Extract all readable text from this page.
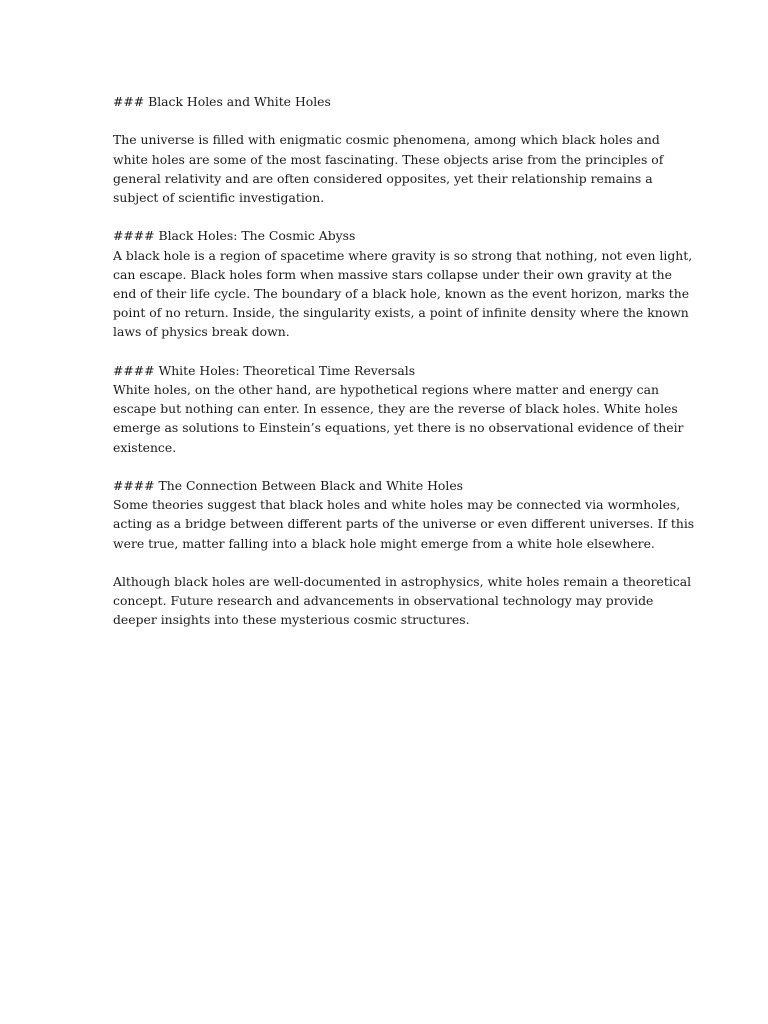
### Black Holes and White Holes
The universe is filled with enigmatic cosmic phenomena, among which black holes and
white holes are some of the most fascinating. These objects arise from the principles of
general relativity and are often considered opposites, yet their relationship remains a
subject of scientific investigation.
#### Black Holes: The Cosmic Abyss
A black hole is a region of spacetime where gravity is so strong that nothing, not even light,
can escape. Black holes form when massive stars collapse under their own gravity at the
end of their life cycle. The boundary of a black hole, known as the event horizon, marks the
point of no return. Inside, the singularity exists, a point of infinite density where the known
laws of physics break down.
#### White Holes: Theoretical Time Reversals
White holes, on the other hand, are hypothetical regions where matter and energy can
escape but nothing can enter. In essence, they are the reverse of black holes. White holes
emerge as solutions to Einstein’s equations, yet there is no observational evidence of their
existence.
#### The Connection Between Black and White Holes
Some theories suggest that black holes and white holes may be connected via wormholes,
acting as a bridge between different parts of the universe or even different universes. If this
were true, matter falling into a black hole might emerge from a white hole elsewhere.
Although black holes are well-documented in astrophysics, white holes remain a theoretical
concept. Future research and advancements in observational technology may provide
deeper insights into these mysterious cosmic structures.
